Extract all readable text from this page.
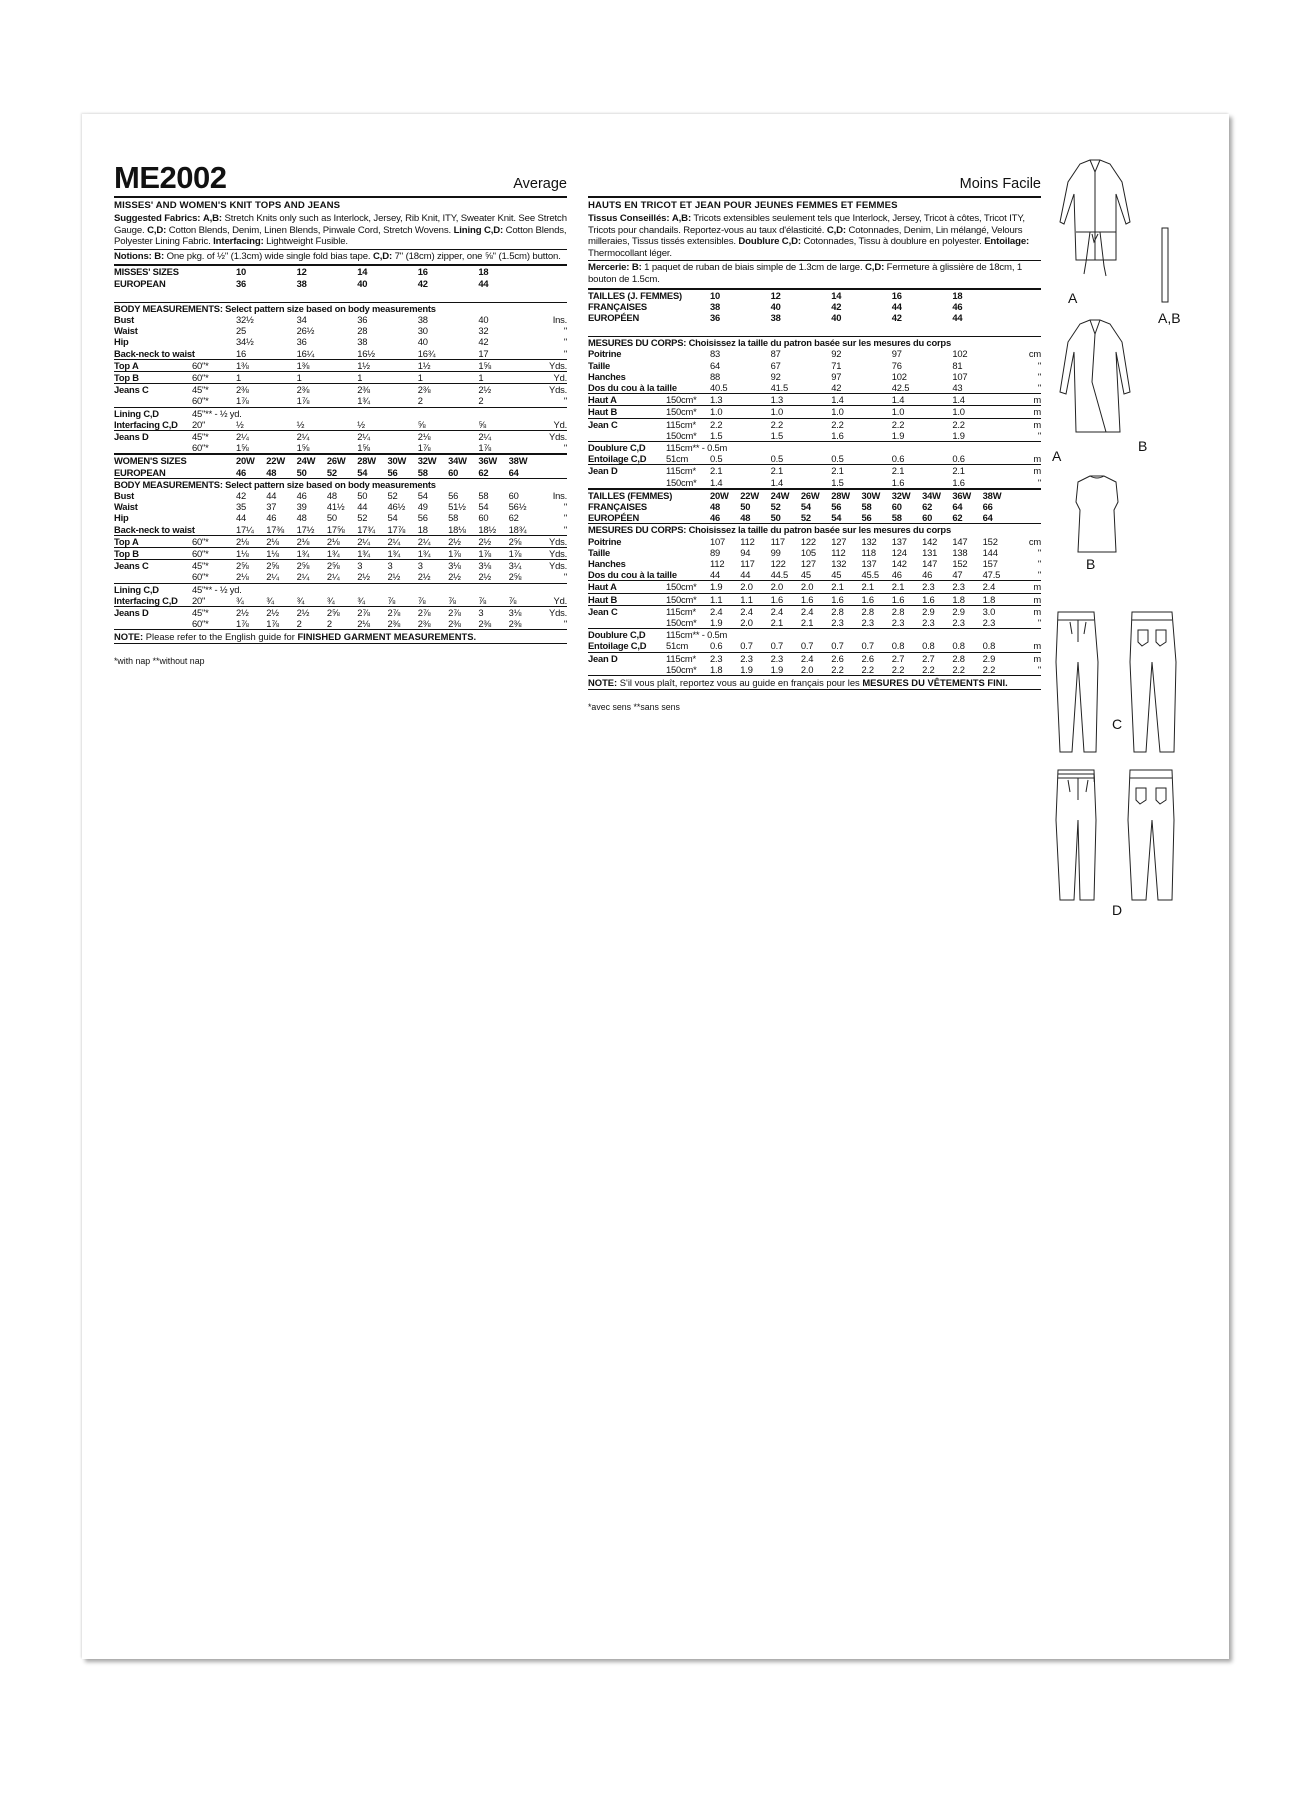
ME2002	Average
MISSES' AND WOMEN'S KNIT TOPS AND JEANS
Suggested Fabrics: A,B: Stretch Knits only such as Interlock, Jersey, Rib Knit, ITY, Sweater Knit. See Stretch Gauge. C,D: Cotton Blends, Denim, Linen Blends, Pinwale Cord, Stretch Wovens. Lining C,D: Cotton Blends, Polyester Lining Fabric. Interfacing: Lightweight Fusible.
Notions: B: One pkg. of ½" (1.3cm) wide single fold bias tape. C,D: 7" (18cm) zipper, one ⅝" (1.5cm) button.
MISSES' SIZES		10	12	14	16	18	
EUROPEAN		36	38	40	42	44	

BODY MEASUREMENTS: Select pattern size based on body measurements							
Bust		32½	34	36	38	40	Ins.
Waist		25	26½	28	30	32	"
Hip		34½	36	38	40	42	"
Back-neck to waist		16	16¼	16½	16¾	17	"
Top A	60"*	1⅜	1⅜	1½	1½	1⅝	Yds.
Top B	60"*	1	1	1	1	1	Yd.
Jeans C	45"*	2⅜	2⅜	2⅜	2⅜	2½	Yds.
	60"*	1⅞	1⅞	1¾	2	2	"
Lining C,D	45"** - ½ yd.						
Interfacing C,D	20"	½	½	½	⅝	⅝	Yd.
Jeans D	45"*	2¼	2¼	2¼	2⅛	2¼	Yds.
	60"*	1⅝	1⅝	1⅝	1⅞	1⅞	"
WOMEN'S SIZES		20W	22W	24W	26W	28W	30W	32W	34W	36W	38W	
EUROPEAN		46	48	50	52	54	56	58	60	62	64	
BODY MEASUREMENTS: Select pattern size based on body measurements												
Bust		42	44	46	48	50	52	54	56	58	60	Ins.
Waist		35	37	39	41½	44	46½	49	51½	54	56½	"
Hip		44	46	48	50	52	54	56	58	60	62	"
Back-neck to waist		17¼	17⅜	17½	17⅝	17¾	17⅞	18	18⅛	18½	18¾	"
Top A	60"*	2⅛	2⅛	2⅛	2⅛	2¼	2¼	2¼	2½	2½	2⅝	Yds.
Top B	60"*	1⅛	1⅛	1¾	1¾	1¾	1¾	1¾	1⅞	1⅞	1⅞	Yds.
Jeans C	45"*	2⅝	2⅝	2⅝	2⅝	3	3	3	3⅛	3⅛	3¼	Yds.
	60"*	2⅛	2¼	2¼	2¼	2½	2½	2½	2½	2½	2⅝	"
Lining C,D	45"** - ½ yd.											
Interfacing C,D	20"	¾	¾	¾	¾	¾	⅞	⅞	⅞	⅞	⅞	Yd.
Jeans D	45"*	2½	2½	2½	2⅝	2⅞	2⅞	2⅞	2⅞	3	3⅛	Yds.
	60"*	1⅞	1⅞	2	2	2⅛	2⅜	2⅜	2⅜	2⅜	2⅜	"
NOTE: Please refer to the English guide for FINISHED GARMENT MEASUREMENTS.
*with nap **without nap
Moins Facile
HAUTS EN TRICOT ET JEAN POUR JEUNES FEMMES ET FEMMES
Tissus Conseillés: A,B: Tricots extensibles seulement tels que Interlock, Jersey, Tricot à côtes, Tricot ITY, Tricots pour chandails. Reportez-vous au taux d'élasticité. C,D: Cotonnades, Denim, Lin mélangé, Velours milleraies, Tissus tissés extensibles. Doublure C,D: Cotonnades, Tissu à doublure en polyester. Entoilage: Thermocollant léger.
Mercerie: B: 1 paquet de ruban de biais simple de 1.3cm de large. C,D: Fermeture à glissière de 18cm, 1 bouton de 1.5cm.
TAILLES (J. FEMMES)		10	12	14	16	18	
FRANÇAISES		38	40	42	44	46	
EUROPÉEN		36	38	40	42	44	

MESURES DU CORPS: Choisissez la taille du patron basée sur les mesures du corps							
Poitrine		83	87	92	97	102	cm
Taille		64	67	71	76	81	"
Hanches		88	92	97	102	107	"
Dos du cou à la taille		40.5	41.5	42	42.5	43	"
Haut A	150cm*	1.3	1.3	1.4	1.4	1.4	m
Haut B	150cm*	1.0	1.0	1.0	1.0	1.0	m
Jean C	115cm*	2.2	2.2	2.2	2.2	2.2	m
	150cm*	1.5	1.5	1.6	1.9	1.9	"
Doublure C,D	115cm** - 0.5m						
Entoilage C,D	51cm	0.5	0.5	0.5	0.6	0.6	m
Jean D	115cm*	2.1	2.1	2.1	2.1	2.1	m
	150cm*	1.4	1.4	1.5	1.6	1.6	"
TAILLES (FEMMES)		20W	22W	24W	26W	28W	30W	32W	34W	36W	38W	
FRANÇAISES		48	50	52	54	56	58	60	62	64	66	
EUROPÉEN		46	48	50	52	54	56	58	60	62	64	
MESURES DU CORPS: Choisissez la taille du patron basée sur les mesures du corps												
Poitrine		107	112	117	122	127	132	137	142	147	152	cm
Taille		89	94	99	105	112	118	124	131	138	144	"
Hanches		112	117	122	127	132	137	142	147	152	157	"
Dos du cou à la taille		44	44	44.5	45	45	45.5	46	46	47	47.5	"
Haut A	150cm*	1.9	2.0	2.0	2.0	2.1	2.1	2.1	2.3	2.3	2.4	m
Haut B	150cm*	1.1	1.1	1.6	1.6	1.6	1.6	1.6	1.6	1.8	1.8	m
Jean C	115cm*	2.4	2.4	2.4	2.4	2.8	2.8	2.8	2.9	2.9	3.0	m
	150cm*	1.9	2.0	2.1	2.1	2.3	2.3	2.3	2.3	2.3	2.3	"
Doublure C,D	115cm** - 0.5m											
Entoilage C,D	51cm	0.6	0.7	0.7	0.7	0.7	0.7	0.8	0.8	0.8	0.8	m
Jean D	115cm*	2.3	2.3	2.3	2.4	2.6	2.6	2.7	2.7	2.8	2.9	m
	150cm*	1.8	1.9	1.9	2.0	2.2	2.2	2.2	2.2	2.2	2.2	"
NOTE: S'il vous plaît, reportez vous au guide en français pour les MESURES DU VÊTEMENTS FINI.
*avec sens **sans sens
A
A,B
A
B
B
C
D
